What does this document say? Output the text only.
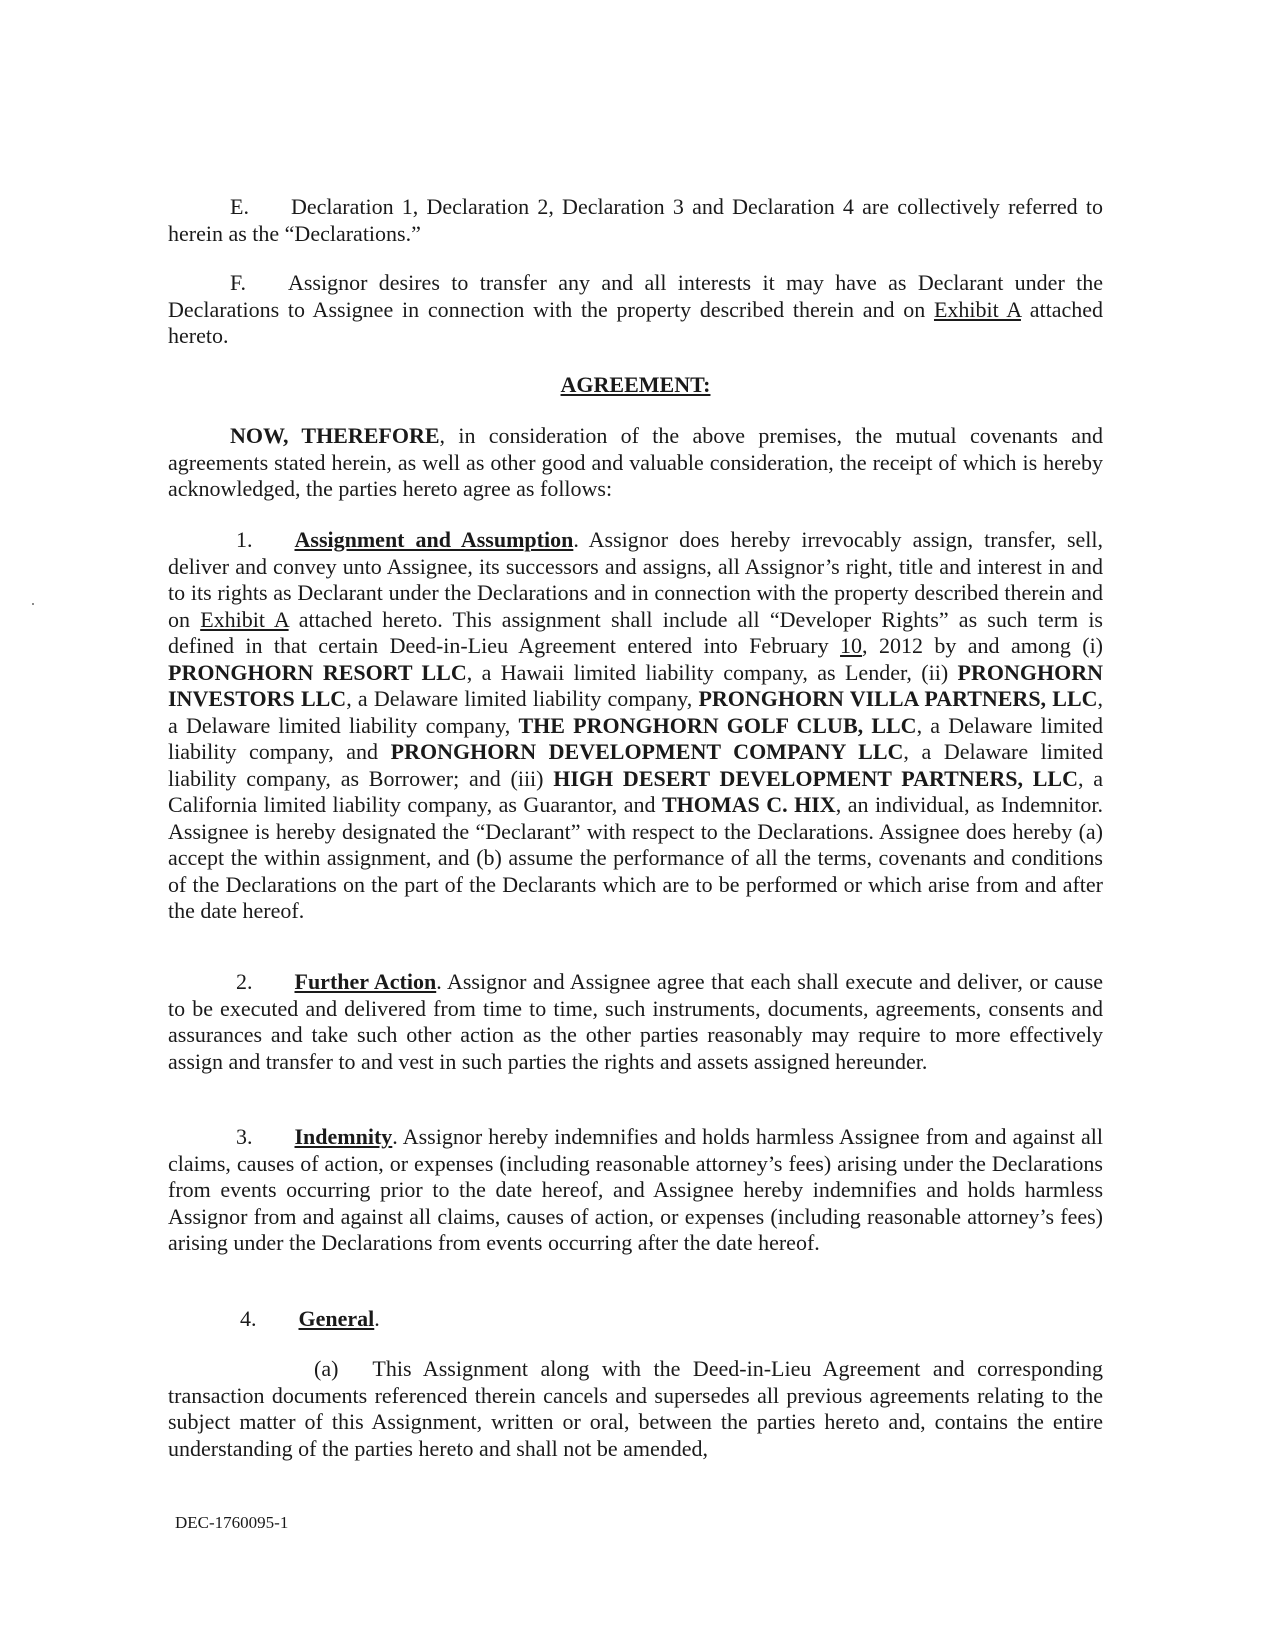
E. Declaration 1, Declaration 2, Declaration 3 and Declaration 4 are collectively referred to herein as the “Declarations.”

F. Assignor desires to transfer any and all interests it may have as Declarant under the Declarations to Assignee in connection with the property described therein and on Exhibit A attached hereto.

AGREEMENT:

NOW, THEREFORE, in consideration of the above premises, the mutual covenants and agreements stated herein, as well as other good and valuable consideration, the receipt of which is hereby acknowledged, the parties hereto agree as follows:

1. Assignment and Assumption. Assignor does hereby irrevocably assign, transfer, sell, deliver and convey unto Assignee, its successors and assigns, all Assignor’s right, title and interest in and to its rights as Declarant under the Declarations and in connection with the property described therein and on Exhibit A attached hereto. This assignment shall include all “Developer Rights” as such term is defined in that certain Deed-in-Lieu Agreement entered into February 10, 2012 by and among (i) PRONGHORN RESORT LLC, a Hawaii limited liability company, as Lender, (ii) PRONGHORN INVESTORS LLC, a Delaware limited liability company, PRONGHORN VILLA PARTNERS, LLC, a Delaware limited liability company, THE PRONGHORN GOLF CLUB, LLC, a Delaware limited liability company, and PRONGHORN DEVELOPMENT COMPANY LLC, a Delaware limited liability company, as Borrower; and (iii) HIGH DESERT DEVELOPMENT PARTNERS, LLC, a California limited liability company, as Guarantor, and THOMAS C. HIX, an individual, as Indemnitor. Assignee is hereby designated the “Declarant” with respect to the Declarations. Assignee does hereby (a) accept the within assignment, and (b) assume the performance of all the terms, covenants and conditions of the Declarations on the part of the Declarants which are to be performed or which arise from and after the date hereof.

2. Further Action. Assignor and Assignee agree that each shall execute and deliver, or cause to be executed and delivered from time to time, such instruments, documents, agreements, consents and assurances and take such other action as the other parties reasonably may require to more effectively assign and transfer to and vest in such parties the rights and assets assigned hereunder.

3. Indemnity. Assignor hereby indemnifies and holds harmless Assignee from and against all claims, causes of action, or expenses (including reasonable attorney’s fees) arising under the Declarations from events occurring prior to the date hereof, and Assignee hereby indemnifies and holds harmless Assignor from and against all claims, causes of action, or expenses (including reasonable attorney’s fees) arising under the Declarations from events occurring after the date hereof.

4. General.

(a) This Assignment along with the Deed-in-Lieu Agreement and corresponding transaction documents referenced therein cancels and supersedes all previous agreements relating to the subject matter of this Assignment, written or oral, between the parties hereto and, contains the entire understanding of the parties hereto and shall not be amended,

DEC-1760095-1
